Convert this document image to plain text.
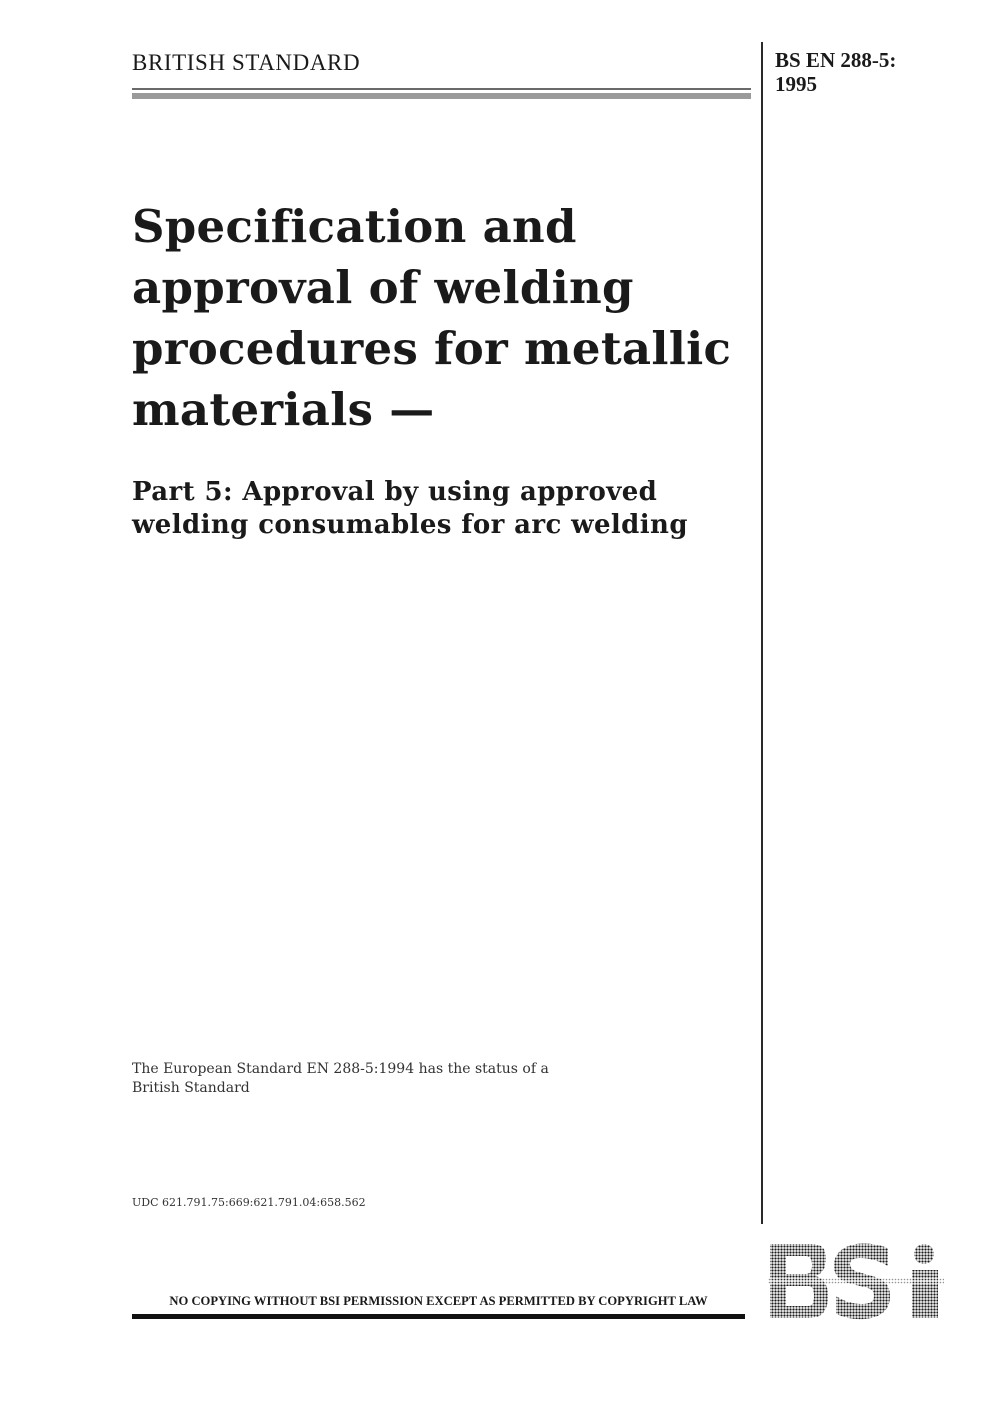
BRITISH STANDARD	BS EN 288-5:
1995
Specification and
approval of welding
procedures for metallic
materials —
Part 5: Approval by using approved
welding consumables for arc welding
The European Standard EN 288-5:1994 has the status of a
British Standard
UDC 621.791.75:669:621.791.04:658.562
NO COPYING WITHOUT BSI PERMISSION EXCEPT AS PERMITTED BY COPYRIGHT LAW
